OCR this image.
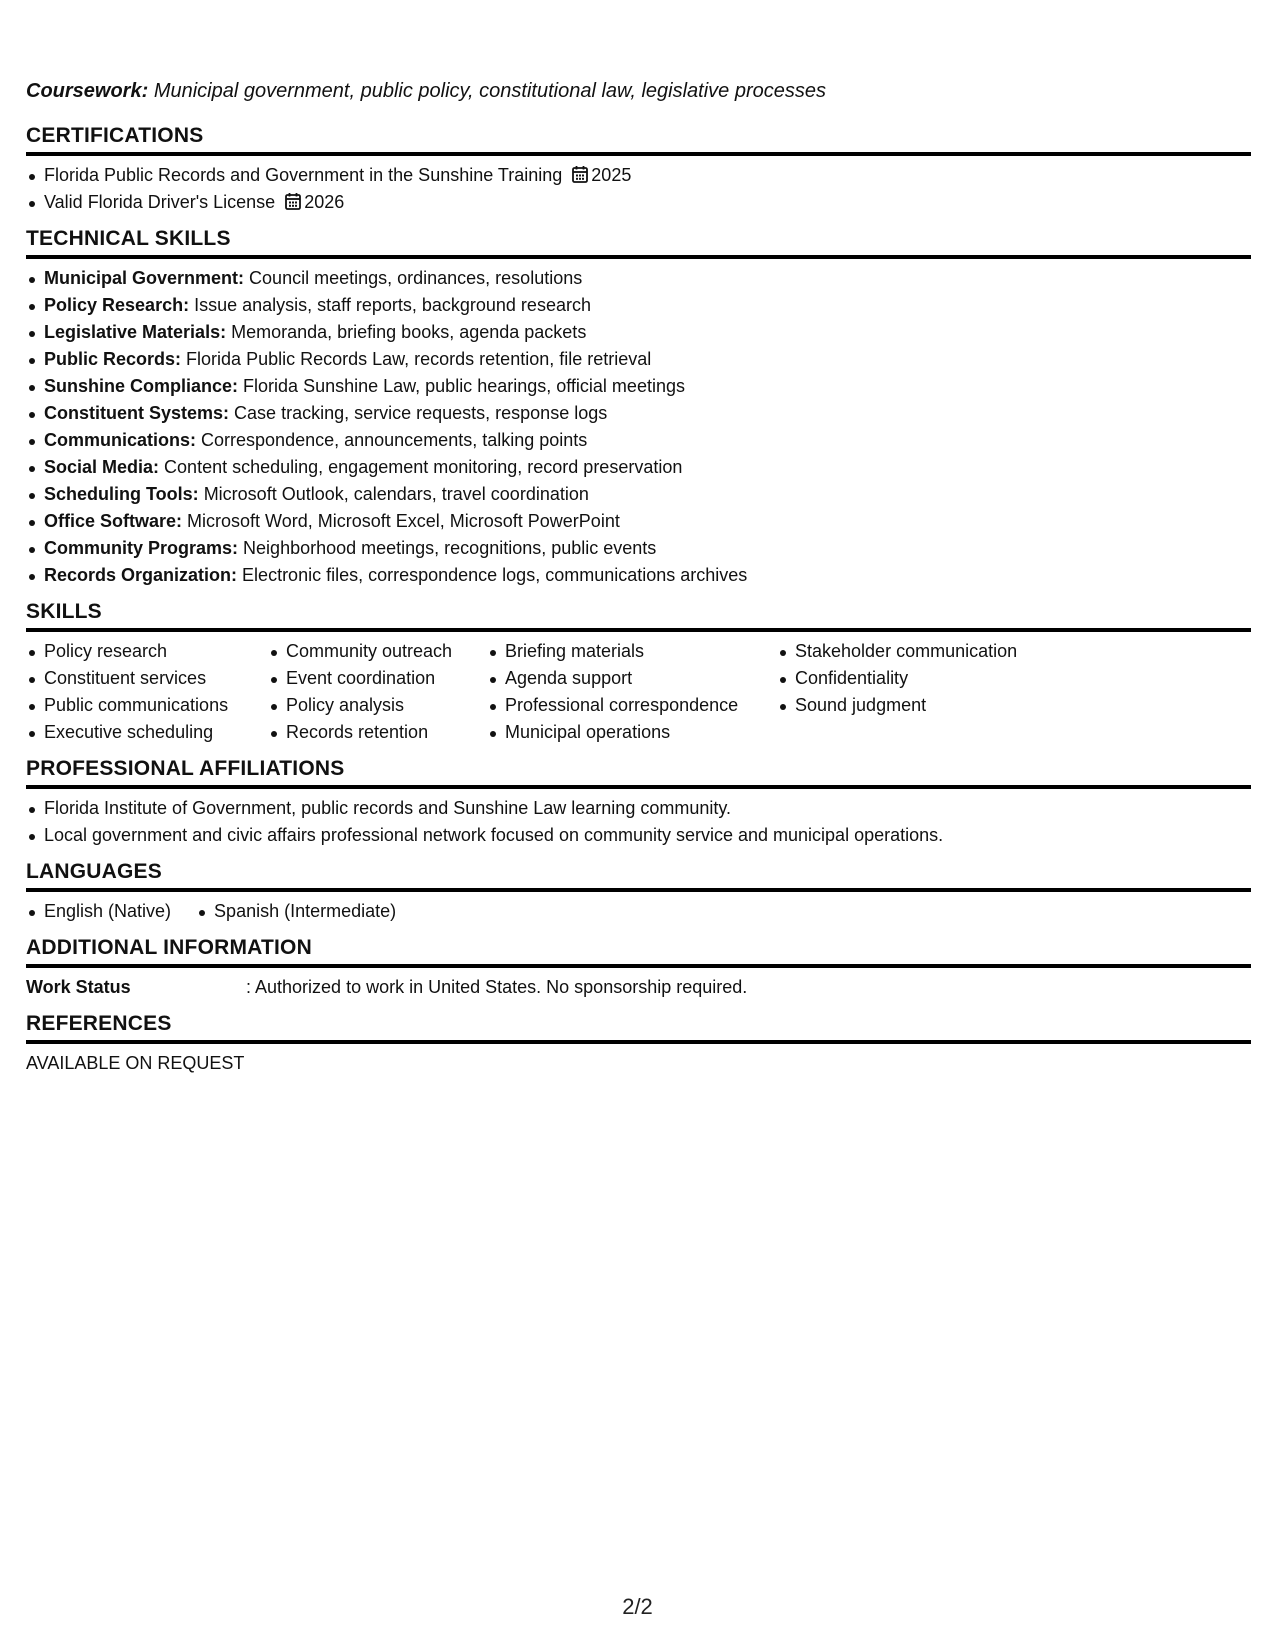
Coursework: Municipal government, public policy, constitutional law, legislative processes
CERTIFICATIONS
Florida Public Records and Government in the Sunshine Training 2025
Valid Florida Driver's License 2026
TECHNICAL SKILLS
Municipal Government: Council meetings, ordinances, resolutions
Policy Research: Issue analysis, staff reports, background research
Legislative Materials: Memoranda, briefing books, agenda packets
Public Records: Florida Public Records Law, records retention, file retrieval
Sunshine Compliance: Florida Sunshine Law, public hearings, official meetings
Constituent Systems: Case tracking, service requests, response logs
Communications: Correspondence, announcements, talking points
Social Media: Content scheduling, engagement monitoring, record preservation
Scheduling Tools: Microsoft Outlook, calendars, travel coordination
Office Software: Microsoft Word, Microsoft Excel, Microsoft PowerPoint
Community Programs: Neighborhood meetings, recognitions, public events
Records Organization: Electronic files, correspondence logs, communications archives
SKILLS
Policy research
Constituent services
Public communications
Executive scheduling
Community outreach
Event coordination
Policy analysis
Records retention
Briefing materials
Agenda support
Professional correspondence
Municipal operations
Stakeholder communication
Confidentiality
Sound judgment
PROFESSIONAL AFFILIATIONS
Florida Institute of Government, public records and Sunshine Law learning community.
Local government and civic affairs professional network focused on community service and municipal operations.
LANGUAGES
English (Native)	Spanish (Intermediate)
ADDITIONAL INFORMATION
Work Status	: Authorized to work in United States. No sponsorship required.
REFERENCES
AVAILABLE ON REQUEST
2/2
